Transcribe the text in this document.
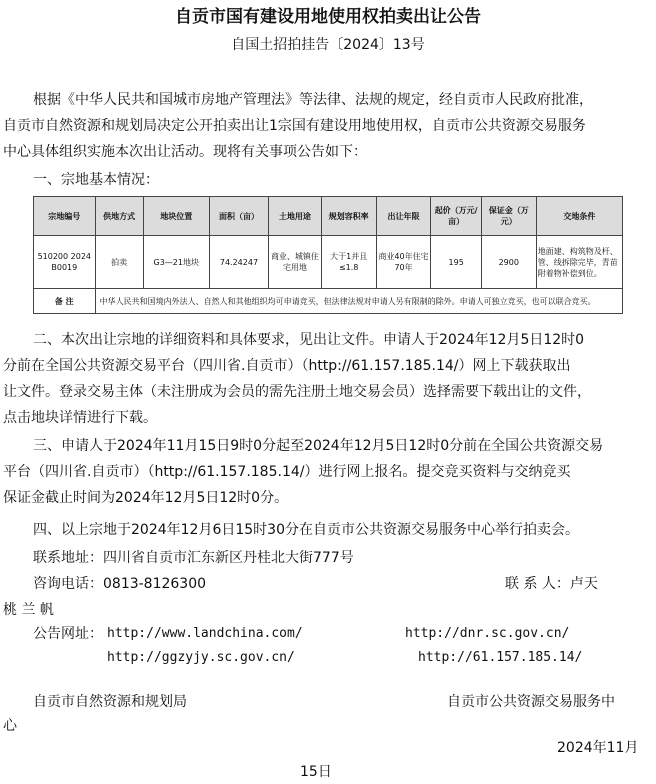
自贡市国有建设用地使用权拍卖出让公告
自国土招拍挂告〔2024〕13号
根据《中华人民共和国城市房地产管理法》等法律、法规的规定，经自贡市人民政府批准，
自贡市自然资源和规划局决定公开拍卖出让1宗国有建设用地使用权，自贡市公共资源交易服务
中心具体组织实施本次出让活动。现将有关事项公告如下：
一、宗地基本情况：
宗地编号	供地方式	地块位置	面积（亩）	土地用途	规划容积率	出让年限	起价（万元/亩）	保证金（万元）	交地条件
510200 2024 B0019	拍卖	G3—21地块	74.24247	商业、城镇住宅用地	大于1并且≤1.8	商业40年住宅70年	195	2900	地面建、构筑物及杆、管、线拆除完毕，青苗附着物补偿到位。
备 注	中华人民共和国境内外法人、自然人和其他组织均可申请竞买，但法律法规对申请人另有限制的除外。申请人可独立竞买，也可以联合竞买。								
二、本次出让宗地的详细资料和具体要求，见出让文件。申请人于2024年12月5日12时0
分前在全国公共资源交易平台（四川省.自贡市）（http://61.157.185.14/）网上下载获取出
让文件。登录交易主体（未注册成为会员的需先注册土地交易会员）选择需要下载出让的文件，
点击地块详情进行下载。
三、申请人于2024年11月15日9时0分起至2024年12月5日12时0分前在全国公共资源交易
平台（四川省.自贡市）（http://61.157.185.14/）进行网上报名。提交竞买资料与交纳竞买
保证金截止时间为2024年12月5日12时0分。
四、以上宗地于2024年12月6日15时30分在自贡市公共资源交易服务中心举行拍卖会。
联系地址：四川省自贡市汇东新区丹桂北大街777号
咨询电话：0813-8126300	联 系 人：卢天
桃 兰 帆
公告网址： http://www.landchina.com/	http://dnr.sc.gov.cn/
http://ggzyjy.sc.gov.cn/	http://61.157.185.14/
自贡市自然资源和规划局	自贡市公共资源交易服务中
心
2024年11月
15日
